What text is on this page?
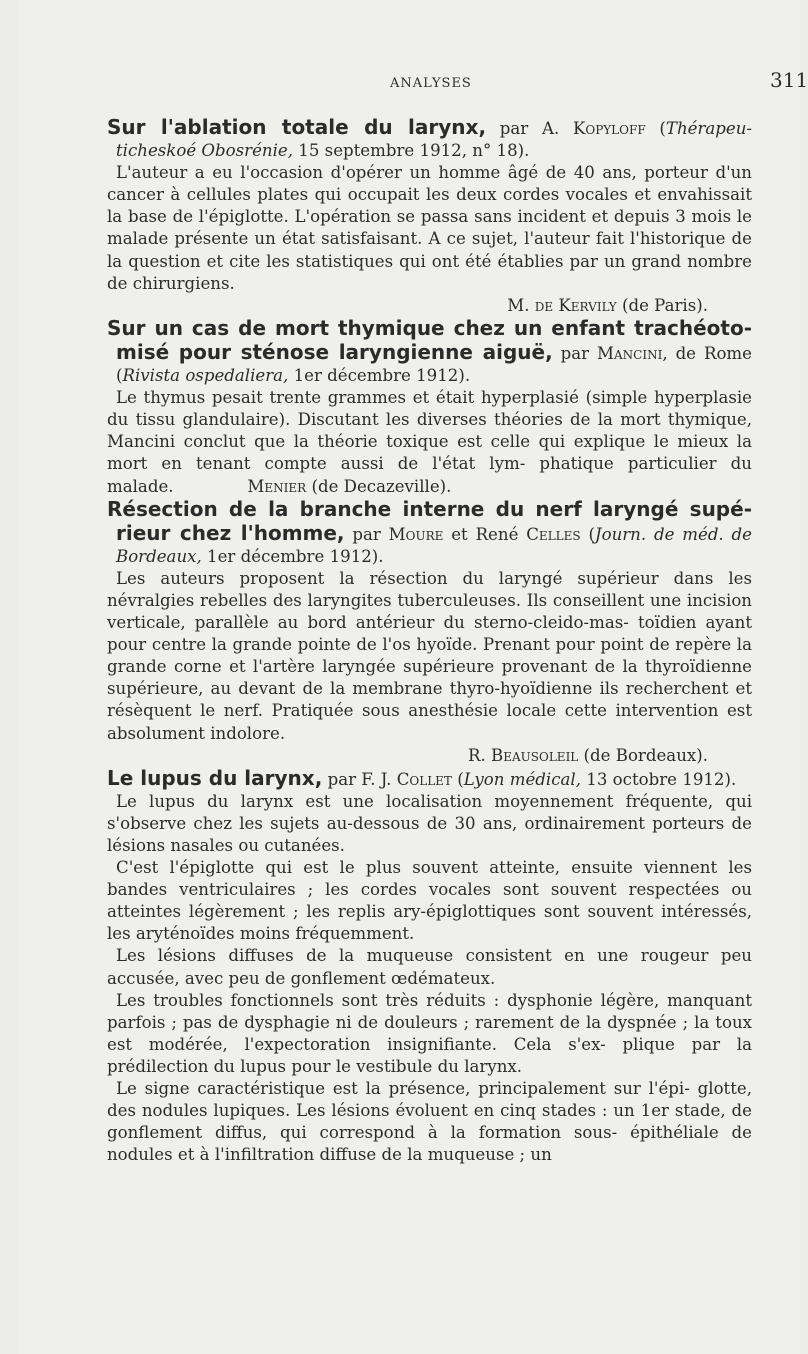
ANALYSES	311

Sur l'ablation totale du larynx, par A. Kopyloff (Thérapeu- ticheskoé Obosrénie, 15 septembre 1912, n° 18).

L'auteur a eu l'occasion d'opérer un homme âgé de 40 ans, porteur d'un cancer à cellules plates qui occupait les deux cordes vocales et envahissait la base de l'épiglotte. L'opération se passa sans incident et depuis 3 mois le malade présente un état satisfaisant. A ce sujet, l'auteur fait l'historique de la question et cite les statistiques qui ont été établies par un grand nombre de chirurgiens.

M. de Kervily (de Paris).

Sur un cas de mort thymique chez un enfant trachéoto- misé pour sténose laryngienne aiguë, par Mancini, de Rome (Rivista ospedaliera, 1er décembre 1912).

Le thymus pesait trente grammes et était hyperplasié (simple hyperplasie du tissu glandulaire). Discutant les diverses théories de la mort thymique, Mancini conclut que la théorie toxique est celle qui explique le mieux la mort en tenant compte aussi de l'état lym- phatique particulier du malade.	Menier (de Decazeville).

Résection de la branche interne du nerf laryngé supé- rieur chez l'homme, par Moure et René Celles (Journ. de méd. de Bordeaux, 1er décembre 1912).

Les auteurs proposent la résection du laryngé supérieur dans les névralgies rebelles des laryngites tuberculeuses. Ils conseillent une incision verticale, parallèle au bord antérieur du sterno-cleido-mas- toïdien ayant pour centre la grande pointe de l'os hyoïde. Prenant pour point de repère la grande corne et l'artère laryngée supérieure provenant de la thyroïdienne supérieure, au devant de la membrane thyro-hyoïdienne ils recherchent et résèquent le nerf. Pratiquée sous anesthésie locale cette intervention est absolument indolore.

R. Beausoleil (de Bordeaux).

Le lupus du larynx, par F. J. Collet (Lyon médical, 13 octobre 1912).

Le lupus du larynx est une localisation moyennement fréquente, qui s'observe chez les sujets au-dessous de 30 ans, ordinairement porteurs de lésions nasales ou cutanées.

C'est l'épiglotte qui est le plus souvent atteinte, ensuite viennent les bandes ventriculaires ; les cordes vocales sont souvent respectées ou atteintes légèrement ; les replis ary-épiglottiques sont souvent intéressés, les aryténoïdes moins fréquemment.

Les lésions diffuses de la muqueuse consistent en une rougeur peu accusée, avec peu de gonflement œdémateux.

Les troubles fonctionnels sont très réduits : dysphonie légère, manquant parfois ; pas de dysphagie ni de douleurs ; rarement de la dyspnée ; la toux est modérée, l'expectoration insignifiante. Cela s'ex- plique par la prédilection du lupus pour le vestibule du larynx.

Le signe caractéristique est la présence, principalement sur l'épi- glotte, des nodules lupiques. Les lésions évoluent en cinq stades : un 1er stade, de gonflement diffus, qui correspond à la formation sous- épithéliale de nodules et à l'infiltration diffuse de la muqueuse ; un
